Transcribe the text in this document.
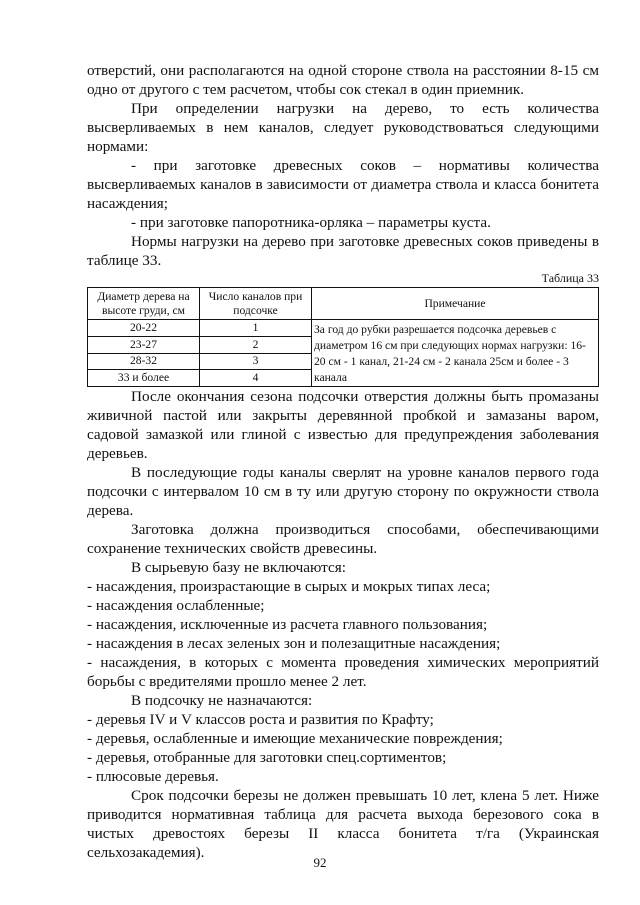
отверстий, они располагаются на одной стороне ствола на расстоянии 8-15 см одно от другого с тем расчетом, чтобы сок стекал в один приемник.

При определении нагрузки на дерево, то есть количества высверливаемых в нем каналов, следует руководствоваться следующими нормами:

- при заготовке древесных соков – нормативы количества высверливаемых каналов в зависимости от диаметра ствола и класса бонитета насаждения;

- при заготовке папоротника-орляка – параметры куста.

Нормы нагрузки на дерево при заготовке древесных соков приведены в таблице 33.

Таблица 33
Диаметр дерева на высоте груди, см	Число каналов при подсочке	Примечание
20-22	1	За год до рубки разрешается подсочка деревьев с диаметром 16 см при следующих нормах нагрузки: 16-20 см - 1 канал, 21-24 см - 2 канала 25см и более - 3 канала
23-27	2	
28-32	3	
33 и более	4	

После окончания сезона подсочки отверстия должны быть промазаны живичной пастой или закрыты деревянной пробкой и замазаны варом, садовой замазкой или глиной с известью для предупреждения заболевания деревьев.

В последующие годы каналы сверлят на уровне каналов первого года подсочки с интервалом 10 см в ту или другую сторону по окружности ствола дерева.

Заготовка должна производиться способами, обеспечивающими сохранение технических свойств древесины.

В сырьевую базу не включаются:

- насаждения, произрастающие в сырых и мокрых типах леса;

- насаждения ослабленные;

- насаждения, исключенные из расчета главного пользования;

- насаждения в лесах зеленых зон и полезащитные насаждения;

- насаждения, в которых с момента проведения химических мероприятий борьбы с вредителями прошло менее 2 лет.

В подсочку не назначаются:

- деревья IV и V классов роста и развития по Крафту;

- деревья, ослабленные и имеющие механические повреждения;

- деревья, отобранные для заготовки спец.сортиментов;

- плюсовые деревья.

Срок подсочки березы не должен превышать 10 лет, клена 5 лет. Ниже приводится нормативная таблица для расчета выхода березового сока в чистых древостоях березы II класса бонитета т/га (Украинская сельхозакадемия).

92
